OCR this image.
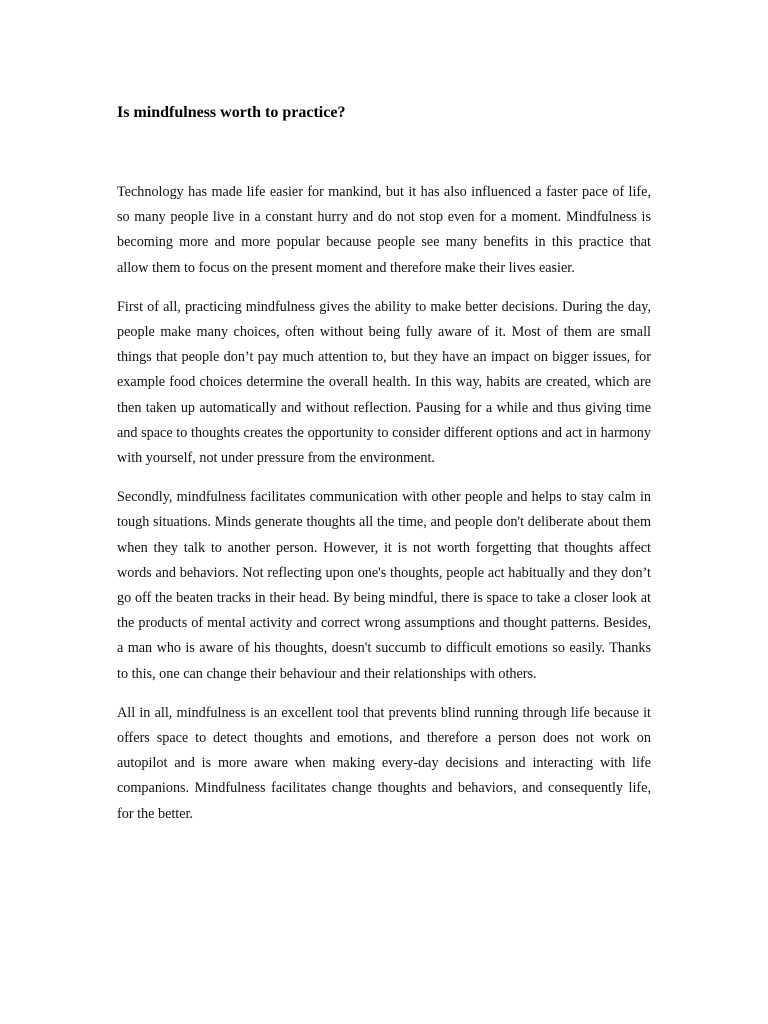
Is mindfulness worth to practice?

Technology has made life easier for mankind, but it has also influenced a faster pace of life, so many people live in a constant hurry and do not stop even for a moment. Mindfulness is becoming more and more popular because people see many benefits in this practice that allow them to focus on the present moment and therefore make their lives easier.

First of all, practicing mindfulness gives the ability to make better decisions. During the day, people make many choices, often without being fully aware of it. Most of them are small things that people don’t pay much attention to, but they have an impact on bigger issues, for example food choices determine the overall health. In this way, habits are created, which are then taken up automatically and without reflection. Pausing for a while and thus giving time and space to thoughts creates the opportunity to consider different options and act in harmony with yourself, not under pressure from the environment.

Secondly, mindfulness facilitates communication with other people and helps to stay calm in tough situations. Minds generate thoughts all the time, and people don't deliberate about them when they talk to another person. However, it is not worth forgetting that thoughts affect words and behaviors. Not reflecting upon one's thoughts, people act habitually and they don’t go off the beaten tracks in their head. By being mindful, there is space to take a closer look at the products of mental activity and correct wrong assumptions and thought patterns. Besides, a man who is aware of his thoughts, doesn't succumb to difficult emotions so easily. Thanks to this, one can change their behaviour and their relationships with others.

All in all, mindfulness is an excellent tool that prevents blind running through life because it offers space to detect thoughts and emotions, and therefore a person does not work on autopilot and is more aware when making every-day decisions and interacting with life companions. Mindfulness facilitates change thoughts and behaviors, and consequently life, for the better.
